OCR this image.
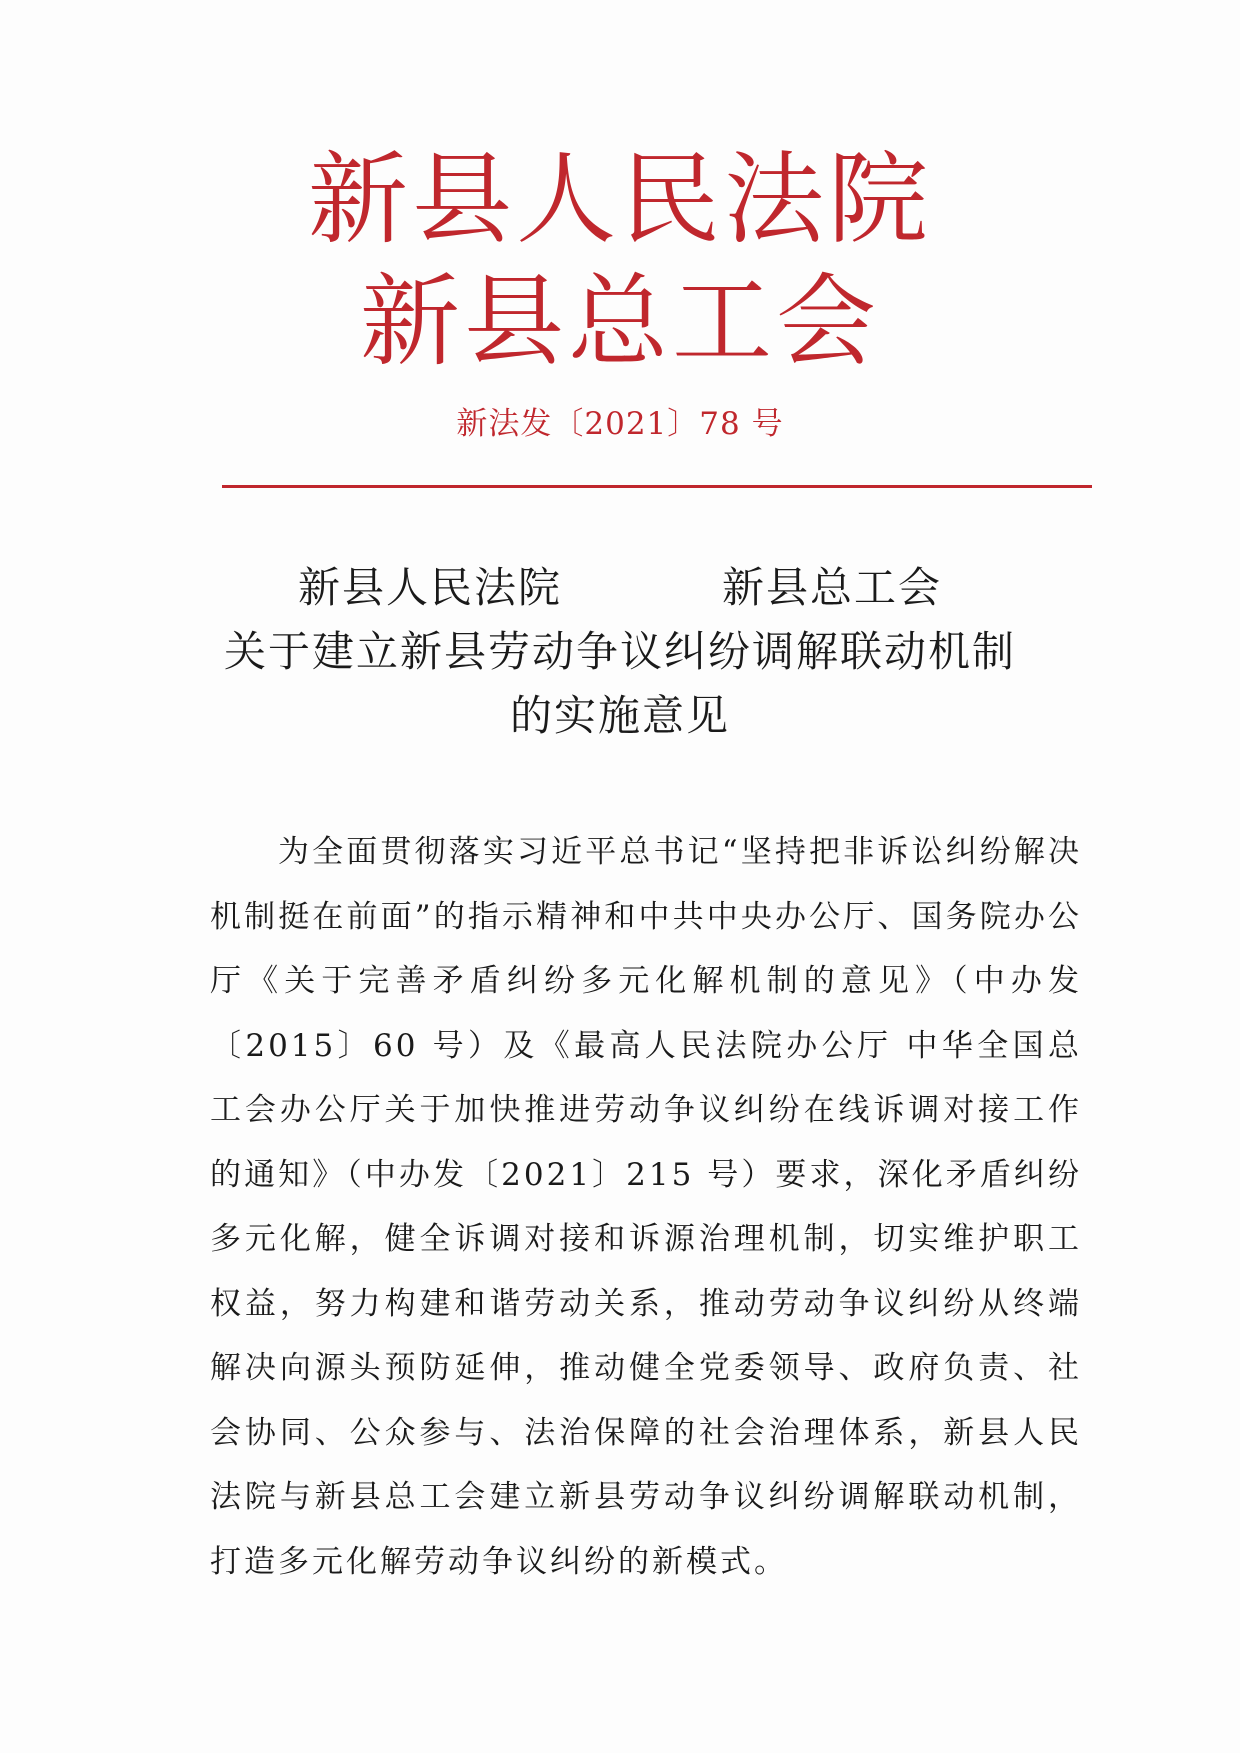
新县人民法院
新县总工会
新法发〔2021〕78 号
新县人民法院	新县总工会
关于建立新县劳动争议纠纷调解联动机制
的实施意见

为全面贯彻落实习近平总书记“坚持把非诉讼纠纷解决机制挺在前面”的指示精神和中共中央办公厅、国务院办公厅《关于完善矛盾纠纷多元化解机制的意见》（中办发〔2015〕60 号）及《最高人民法院办公厅 中华全国总工会办公厅关于加快推进劳动争议纠纷在线诉调对接工作的通知》（中办发〔2021〕215 号）要求，深化矛盾纠纷多元化解，健全诉调对接和诉源治理机制，切实维护职工权益，努力构建和谐劳动关系，推动劳动争议纠纷从终端解决向源头预防延伸，推动健全党委领导、政府负责、社会协同、公众参与、法治保障的社会治理体系，新县人民法院与新县总工会建立新县劳动争议纠纷调解联动机制，打造多元化解劳动争议纠纷的新模式。
